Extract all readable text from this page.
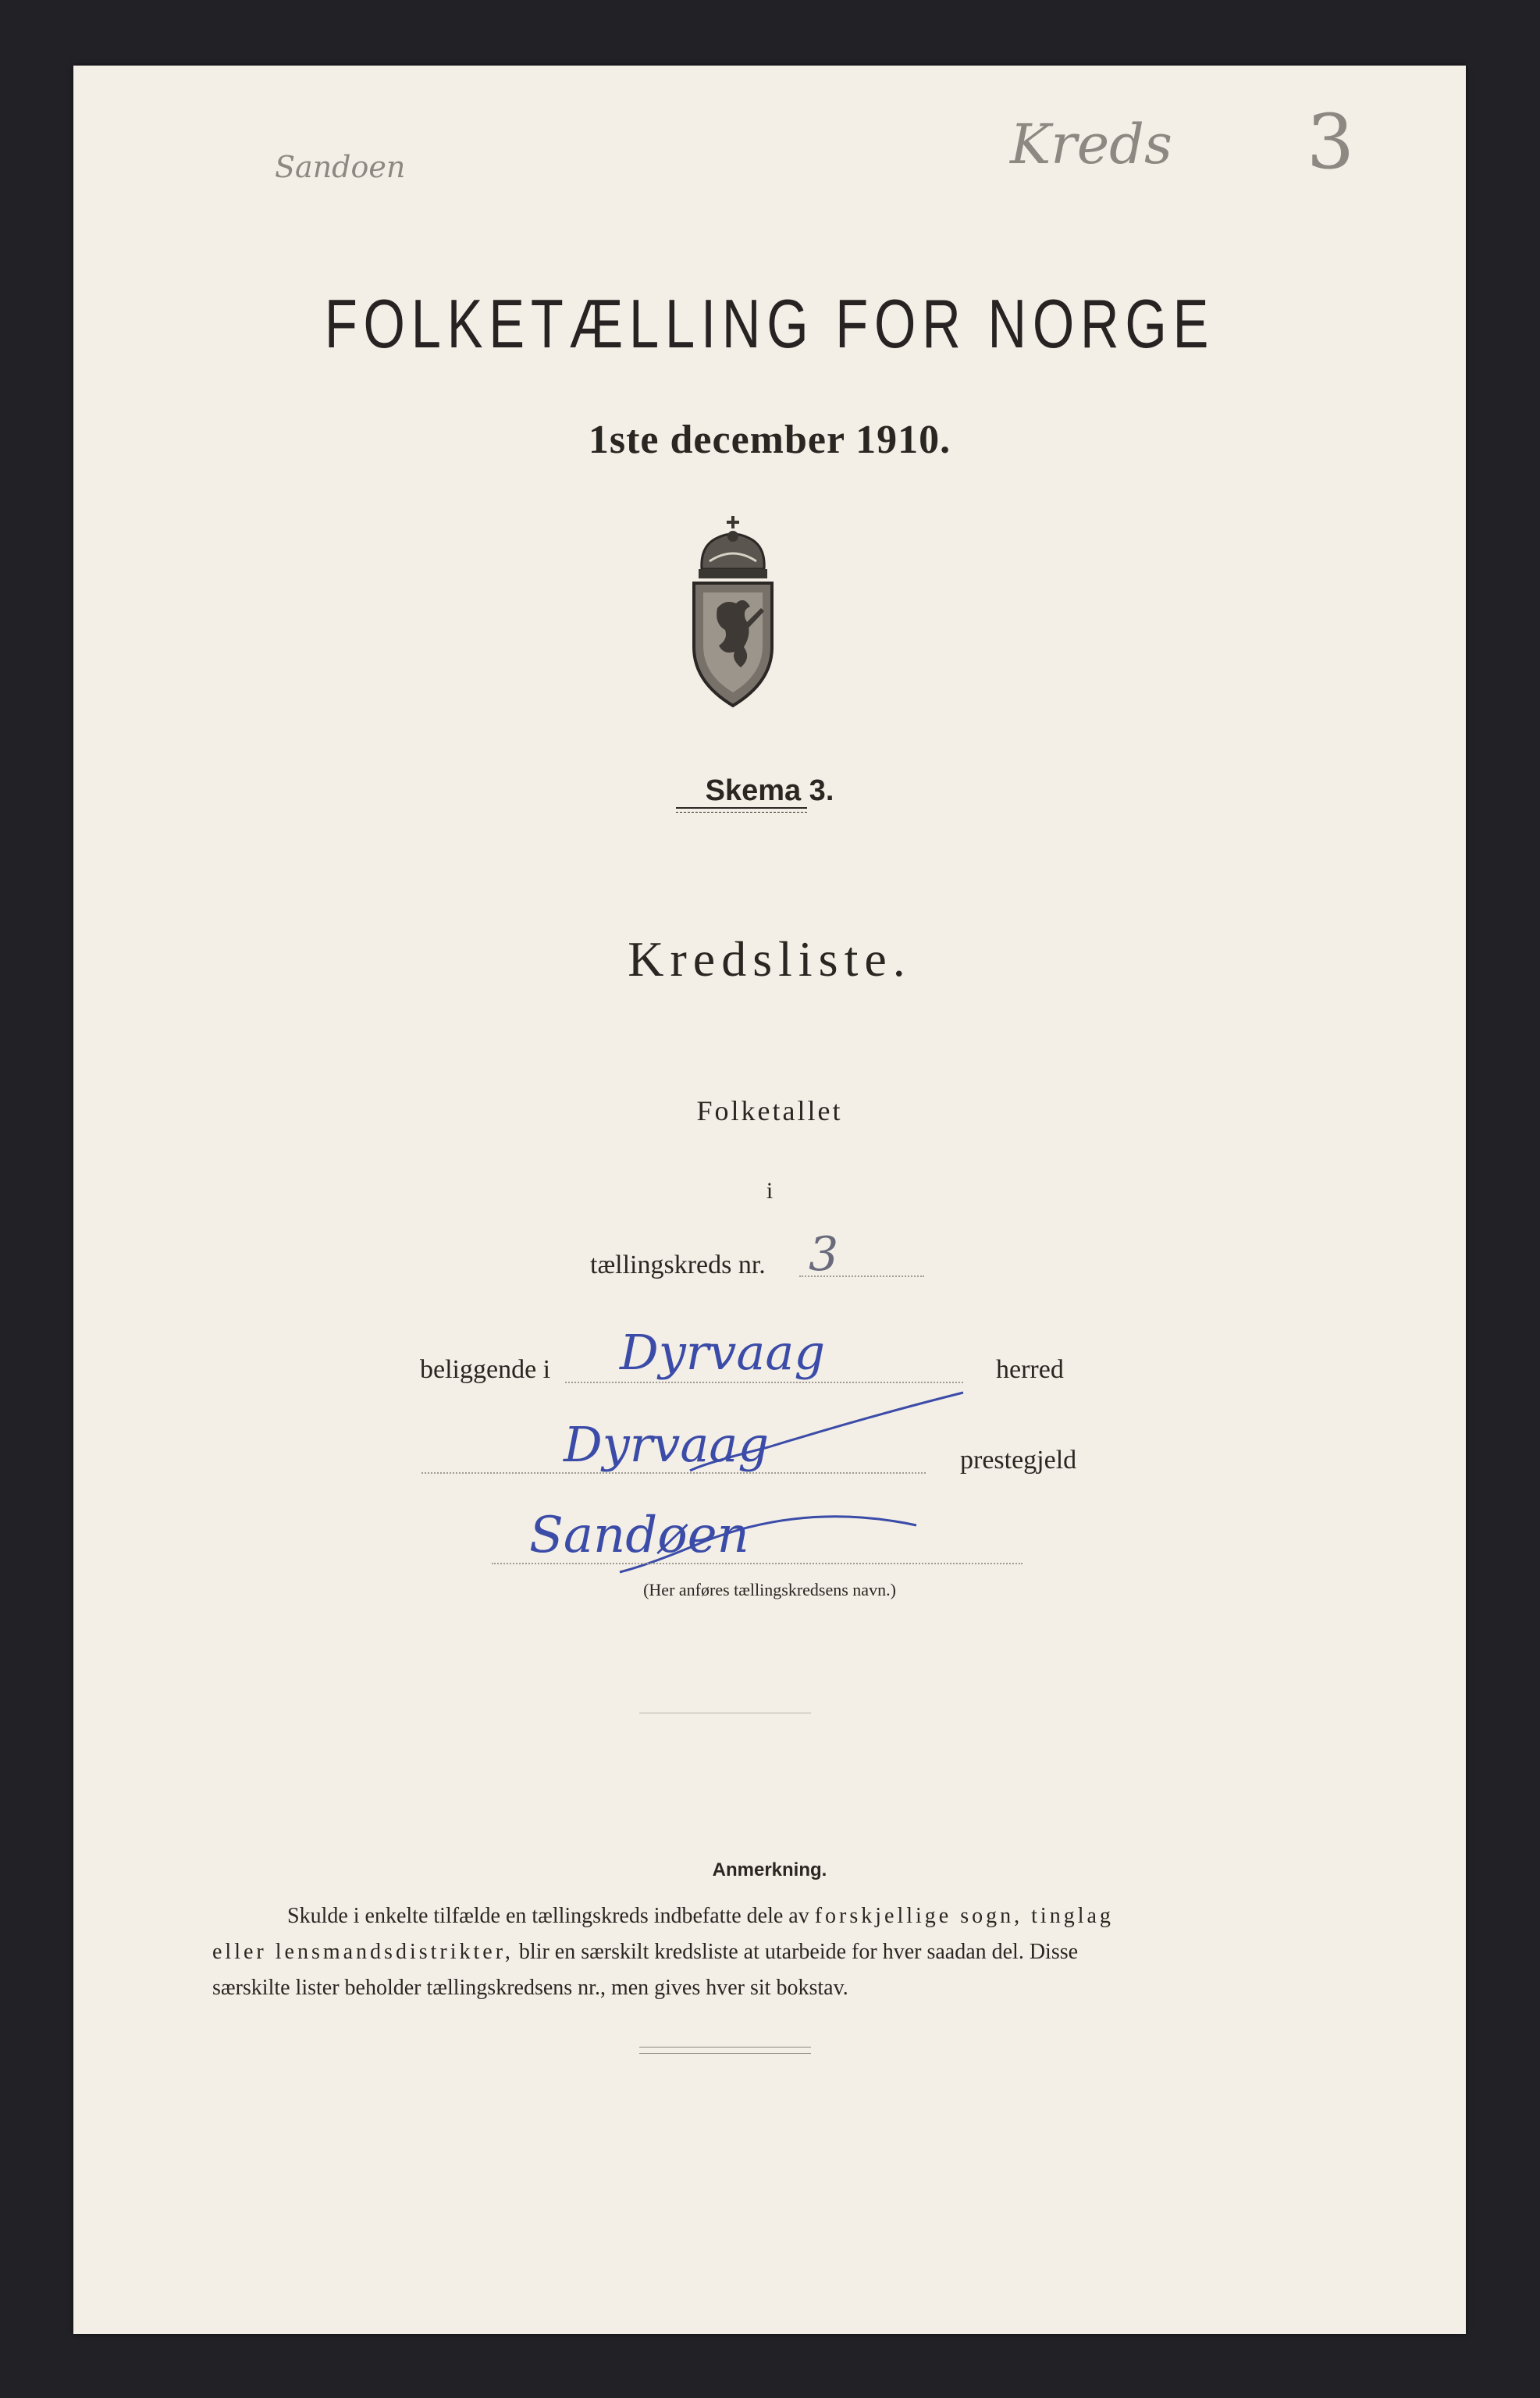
Sandoen	Kreds 3
FOLKETÆLLING FOR NORGE
1ste december 1910.
Skema 3.
Kredsliste.
Folketallet
i
tællingskreds nr. 3
beliggende i Dyrvaag	herred
Dyrvaag	prestegjeld
Sandøen
(Her anføres tællingskredsens navn.)
Anmerkning.
Skulde i enkelte tilfælde en tællingskreds indbefatte dele av forskjellige sogn, tinglag
eller lensmandsdistrikter, blir en særskilt kredsliste at utarbeide for hver saadan del. Disse
særskilte lister beholder tællingskredsens nr., men gives hver sit bokstav.
